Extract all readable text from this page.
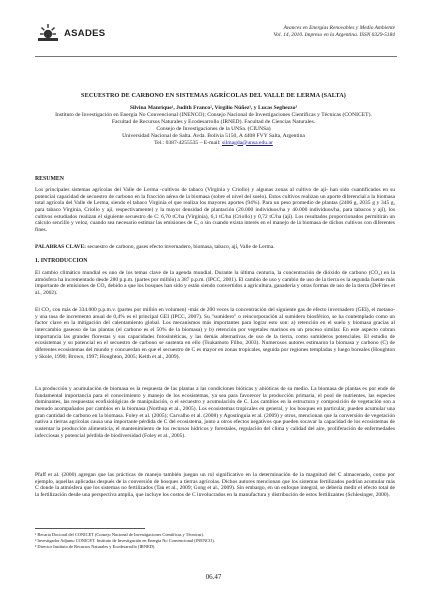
ASADES	Avances en Energías Renovables y Medio Ambiente
Vol. 14, 2010. Impreso en la Argentina. ISSN 0329-5184
SECUESTRO DE CARBONO EN SISTEMAS AGRÍCOLAS DEL VALLE DE LERMA (SALTA)
Silvina Manrique¹, Judith Franco², Virgilio Núñez³, y Lucas Seghezzo³
Instituto de Investigación en Energía No Convencional (INENCO); Consejo Nacional de Investigaciones Científicas y Técnicas (CONICET).
Facultad de Recursos Naturales y Ecodesarrollo (IRNED). Facultad de Ciencias Naturales.
Consejo de Investigaciones de la UNSa. (CIUNSa)
Universidad Nacional de Salta. Avda. Bolivia 5150, A 4408 FVY Salta, Argentina
Tel.: 0387-4255535 – E-mail: silmagda@unsa.edu.ar
RESUMEN
Los principales sistemas agrícolas del Valle de Lerma -cultivos de tabaco (Virginia y Criollo) y algunas zonas al cultivo de ají- han sido cuantificados en su potencial capacidad de secuestro de carbono en la fracción aérea de la biomasa (sobre el nivel del suelo). Estos cultivos realizan un aporte diferencial a la biomasa total agrícola del Valle de Lerma, siendo el tabaco Virginia el que realiza los mayores aportes (94%). Para un peso promedio de plantas (2406 g, 2035 g y 345 g, para tabaco Virginia, Criollo y ají, respectivamente) y la mayor densidad de plantación (20.000 individuos/ha y 40.000 individuos/ha, para tabacos y ají), los cultivos estudiados realizan el siguiente secuestro de C: 6,70 tC/ha (Virginia), 6,1 tC/ha (Criollo) y 0,72 tC/ha (ají). Los resultados proporcionados permitirán un cálculo sencillo y veloz, cuando sea necesario estimar las emisiones de C, o sin cuando exista interés en el manejo de la biomasa de dichos cultivos con diferentes fines.
PALABRAS CLAVE: secuestro de carbono, gases efecto invernadero, biomasa, tabaco, ají, Valle de Lerma.
1. INTRODUCCION
El cambio climático mundial es uno de los temas clave de la agenda mundial. Durante la última centuria, la concentración de dióxido de carbono (CO₂) en la atmósfera ha incrementado desde 280 p.p.m. (partes por millón) a 387 p.p.m. (IPCC, 2001). El cambio de uso y cambio de uso de la tierra es la segunda fuente más importante de emisiones de CO₂ debido a que los bosques han sido y están siendo convertidos a agricultura, ganadería y otras formas de uso de la tierra (DeFries et al., 2002).
El CO₂ con más de 334.000 p.p.m.v. (partes por millón en volumen) -más de 200 veces la concentración del siguiente gas de efecto invernadero (GEI), el metano- y una tasa de incremento anual de 0,4% es el principal GEI (IPCC, 2007). Su "sumidero" o reincorporación al sumidero biosférico, se ha contemplado como un factor clave en la mitigación del calentamiento global. Los mecanismos más importantes para lograr esto son: a) retención en el suelo y biomasa gracias al intercambio gaseoso de las plantas (el carbono es el 50% de la biomasa) y b) retención por vegetales marinos en un proceso similar. En este aspecto cobran importancia las grandes florestas y sus capacidades fotosintéticas, y las demás alternativas de uso de la tierra, como sumideros potenciales. El estudio de ecosistemas y su potencial en el secuestro de carbono se sustenta en ello (Tsukamoto Filho, 2003). Numerosos autores estimaron la biomasa y carbono (C) de diferentes ecosistemas del mundo y concuerdan en que el secuestro de C es mayor en zonas tropicales, seguida por regiones templadas y luego boreales (Houghton y Skole, 1990; Brown, 1997; Houghton, 2005; Keith et al., 2009).
La producción y acumulación de biomasa es la respuesta de las plantas a las condiciones bióticas y abióticas de su medio. La biomasa de plantas es por ende de fundamental importancia para el conocimiento y manejo de los ecosistemas, ya sea para favorecer la producción primaria, el pool de nutrientes, las especies dominantes, las respuestas ecofisiológicas de manipulación, o el secuestro y acumulación de C. Los cambios en la estructura y composición de vegetación son a menudo acompañados por cambios en la biomasa (Northup et al., 2005). Los ecosistemas tropicales en general, y los bosques en particular, pueden acumular una gran cantidad de carbono en la biomasa. Foley et al. (2005); Carvalho et al. (2008) y Agostinguia et al. (2009) y otros, mencionan que la conversión de vegetación nativa a tierras agrícolas causa una importante pérdida de C del ecosistema, junto a otros efectos negativos que pueden socavar la capacidad de los ecosistemas de sustentar la producción alimenticia, el mantenimiento de los recursos hídricos y forestales, regulación del clima y calidad del aire, proliferación de enfermedades infecciosas y potencial pérdida de biodiversidad (Foley et al., 2005).
Pfaff et al. (2000) agregan que las prácticas de manejo también juegan un rol significativo en la determinación de la magnitud del C almacenado, como por ejemplo, aquellas aplicadas después de la conversión de bosques a tierras agrícolas. Dichos autores mencionan que los sistemas fertilizados podrían acumular más C donde la atmósfera que los sistemas no fertilizados (Tan et al., 2009; Gong et al., 2009). Sin embargo, en un enfoque integral, se debería medir el efecto total de la fertilización desde una perspectiva amplia, que incluye los costos de C involucrados en la manufactura y distribución de estos fertilizantes (Schlesinger, 2000).
¹ Becaria Doctoral del CONICET (Consejo Nacional de Investigaciones Científicas y Técnicas).
² Investigador Adjunto CONICET. Instituto de Investigación en Energía No Convencional (INENCO).
³ Director Instituto de Recursos Naturales y Ecodesarrollo (IRNED).
06.47
